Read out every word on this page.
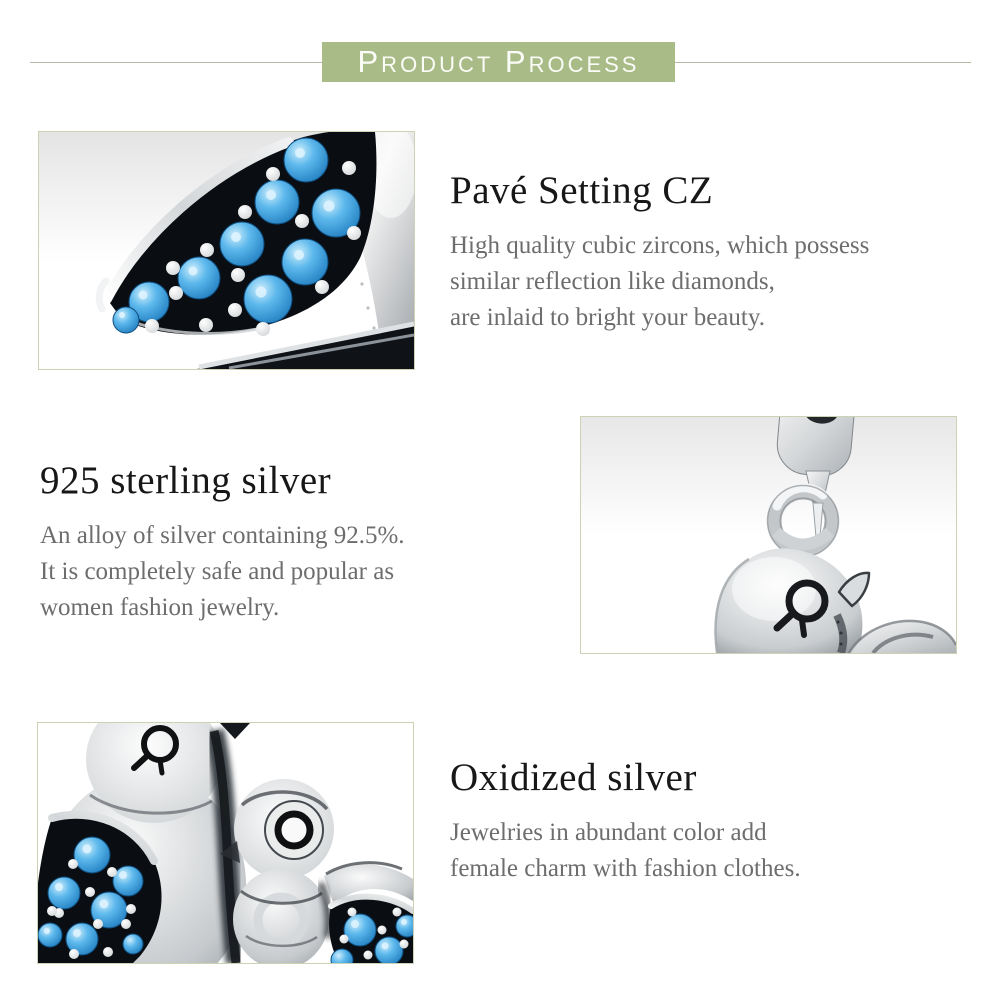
Product Process
Pavé Setting CZ
High quality cubic zircons, which possess
similar reflection like diamonds,
are inlaid to bright your beauty.
925 sterling silver
An alloy of silver containing 92.5%.
It is completely safe and popular as
women fashion jewelry.
Oxidized silver
Jewelries in abundant color add
female charm with fashion clothes.
